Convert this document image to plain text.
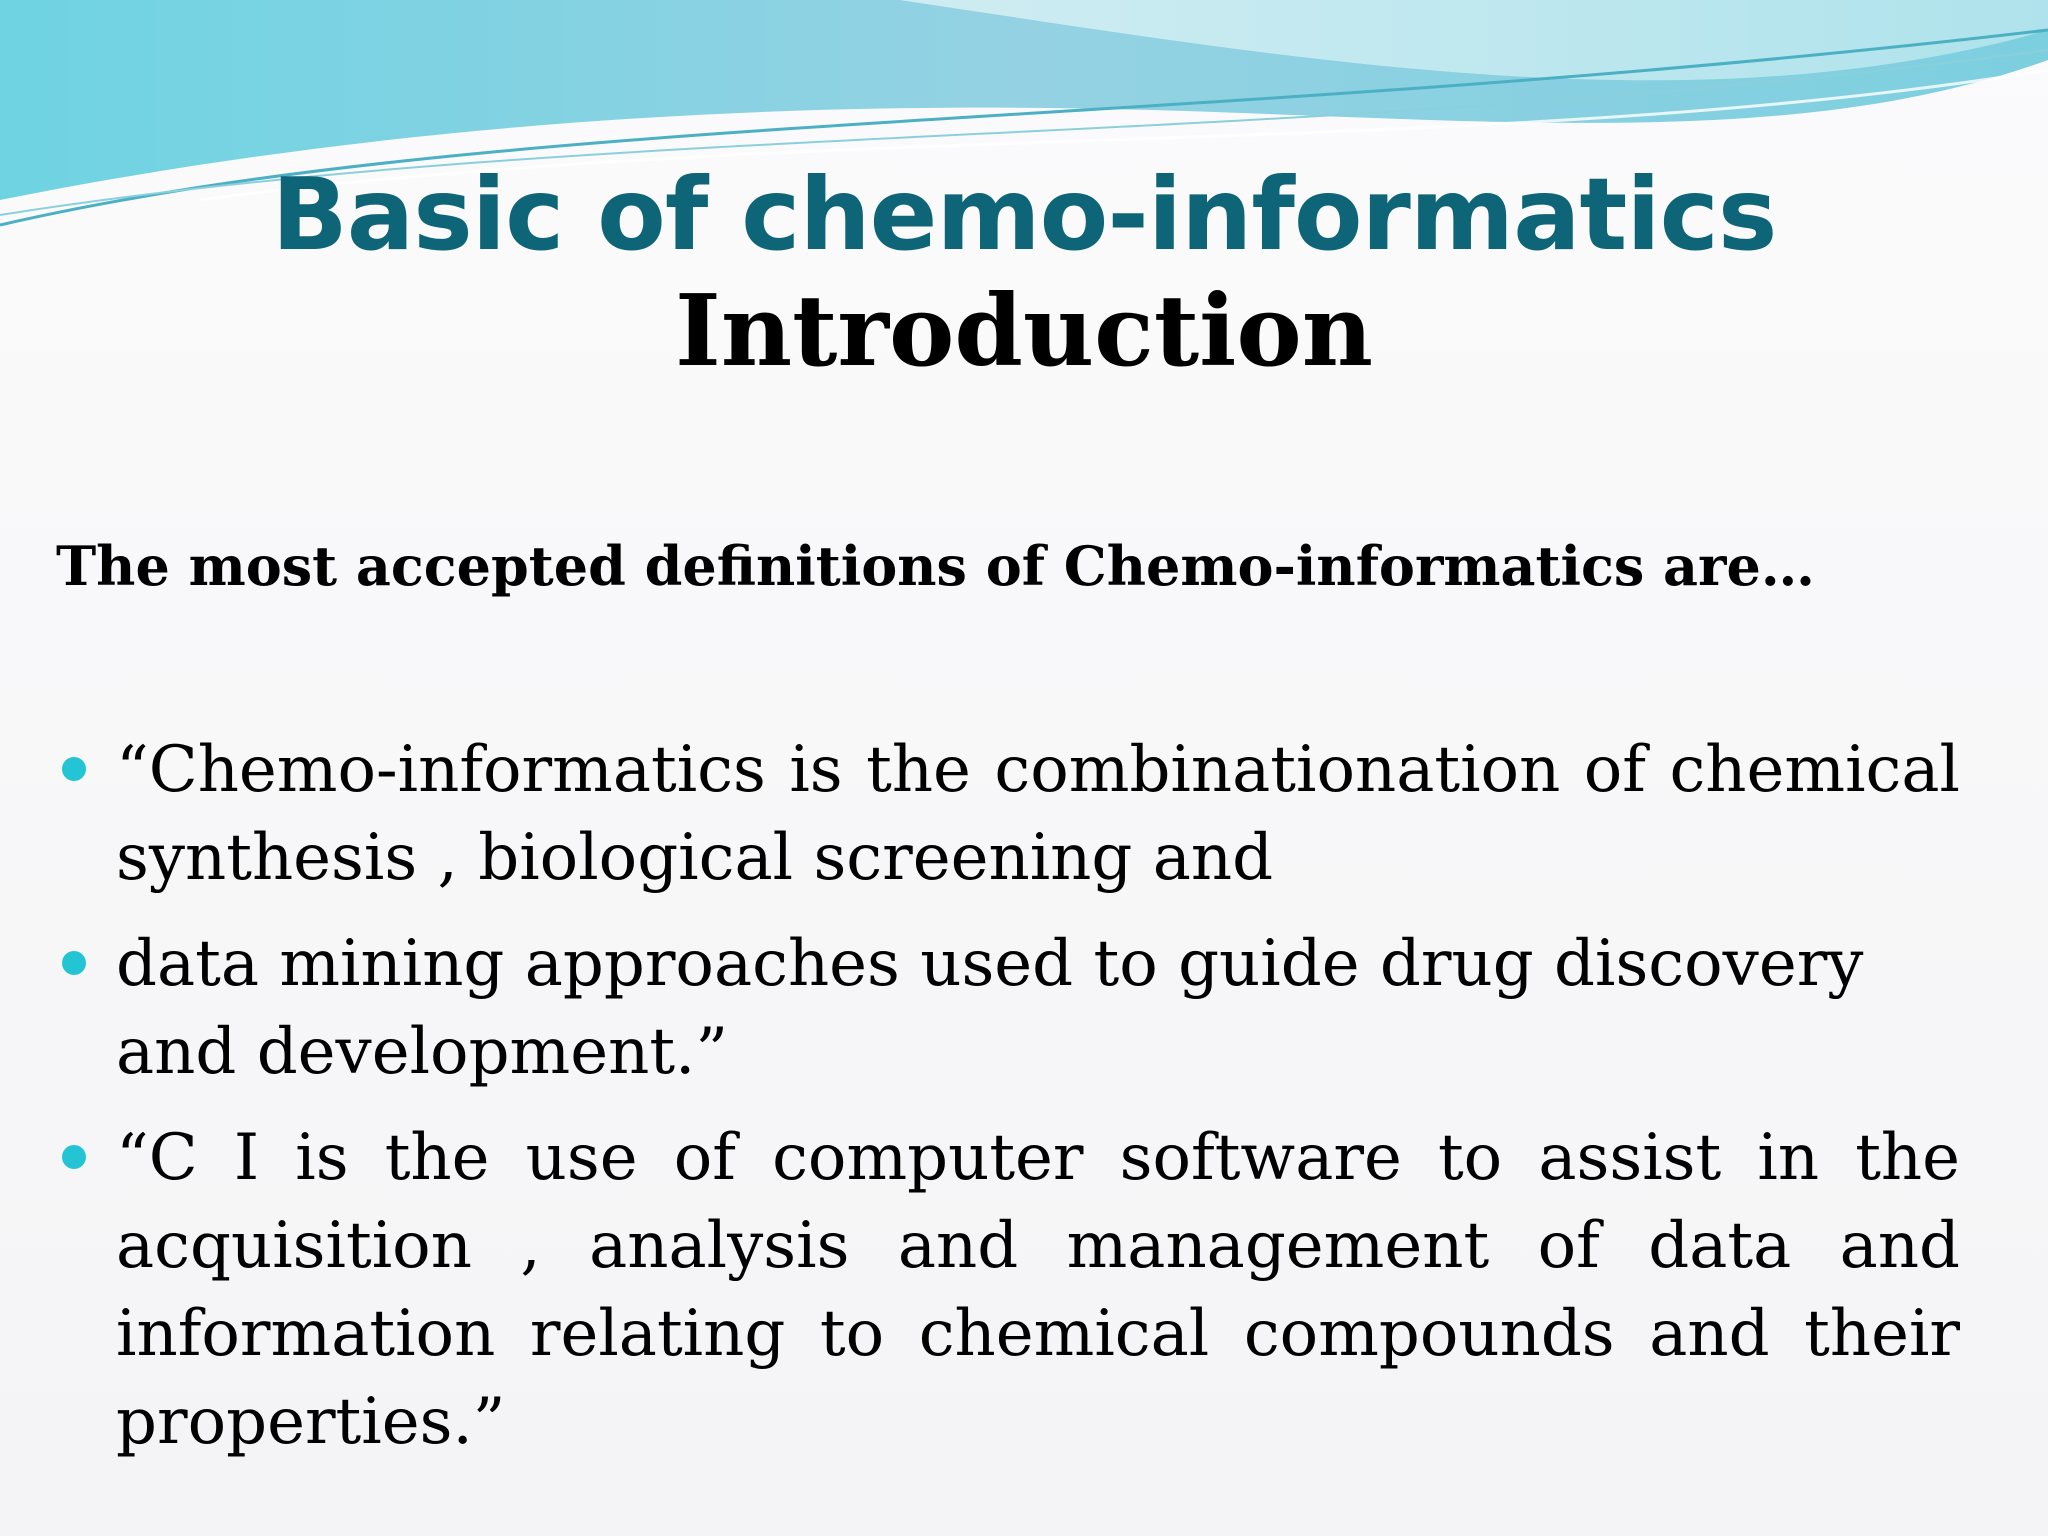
Basic of chemo-informatics
Introduction
The most accepted definitions of Chemo-informatics are…
“Chemo-informatics is the combinationation of chemical synthesis , biological screening and
data mining approaches used to guide drug discovery and development.”
“C I is the use of computer software to assist in the acquisition , analysis and management of data and information relating to chemical compounds and their properties.”
